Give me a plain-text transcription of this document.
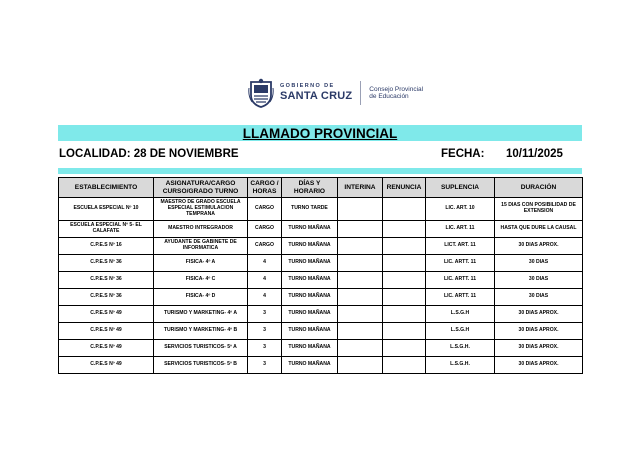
GOBIERNO DE
SANTA CRUZ
Consejo Provincial
de Educación
LLAMADO PROVINCIAL
LOCALIDAD: 28 DE NOVIEMBRE	FECHA: 10/11/2025
ESTABLECIMIENTO	ASIGNATURA/CARGO CURSO/GRADO TURNO	CARGO / HORAS	DÍAS Y HORARIO	INTERINA	RENUNCIA	SUPLENCIA	DURACIÓN
ESCUELA ESPECIAL Nº 10	MAESTRO DE GRADO ESCUELA ESPECIAL ESTIMULACION TEMPRANA	CARGO	TURNO TARDE			LIC. ART. 10	15 DIAS CON POSIBILIDAD DE EXTENSION
ESCUELA ESPECIAL Nº 5- EL CALAFATE	MAESTRO INTREGRADOR	CARGO	TURNO MAÑANA			LIC. ART. 11	HASTA QUE DURE LA CAUSAL
C.P.E.S Nº 16	AYUDANTE DE GABINETE DE INFORMATICA	CARGO	TURNO MAÑANA			LICT. ART. 11	30 DIAS APROX.
C.P.E.S Nº 36	FISICA- 4º A	4	TURNO MAÑANA			LIC. ARTT. 11	30 DIAS
C.P.E.S Nº 36	FISICA- 4º C	4	TURNO MAÑANA			LIC. ARTT. 11	30 DIAS
C.P.E.S Nº 36	FISICA- 4º D	4	TURNO MAÑANA			LIC. ARTT. 11	30 DIAS
C.P.E.S Nº 49	TURISMO Y MARKETING- 4º A	3	TURNO MAÑANA			L.S.G.H	30 DIAS APROX.
C.P.E.S Nº 49	TURISMO Y MARKETING- 4º B	3	TURNO MAÑANA			L.S.G.H	30 DIAS APROX.
C.P.E.S Nº 49	SERVICIOS TURISTICOS- 5º A	3	TURNO MAÑANA			L.S.G.H.	30 DIAS APROX.
C.P.E.S Nº 49	SERVICIOS TURISTICOS- 5º B	3	TURNO MAÑANA			L.S.G.H.	30 DIAS APROX.
